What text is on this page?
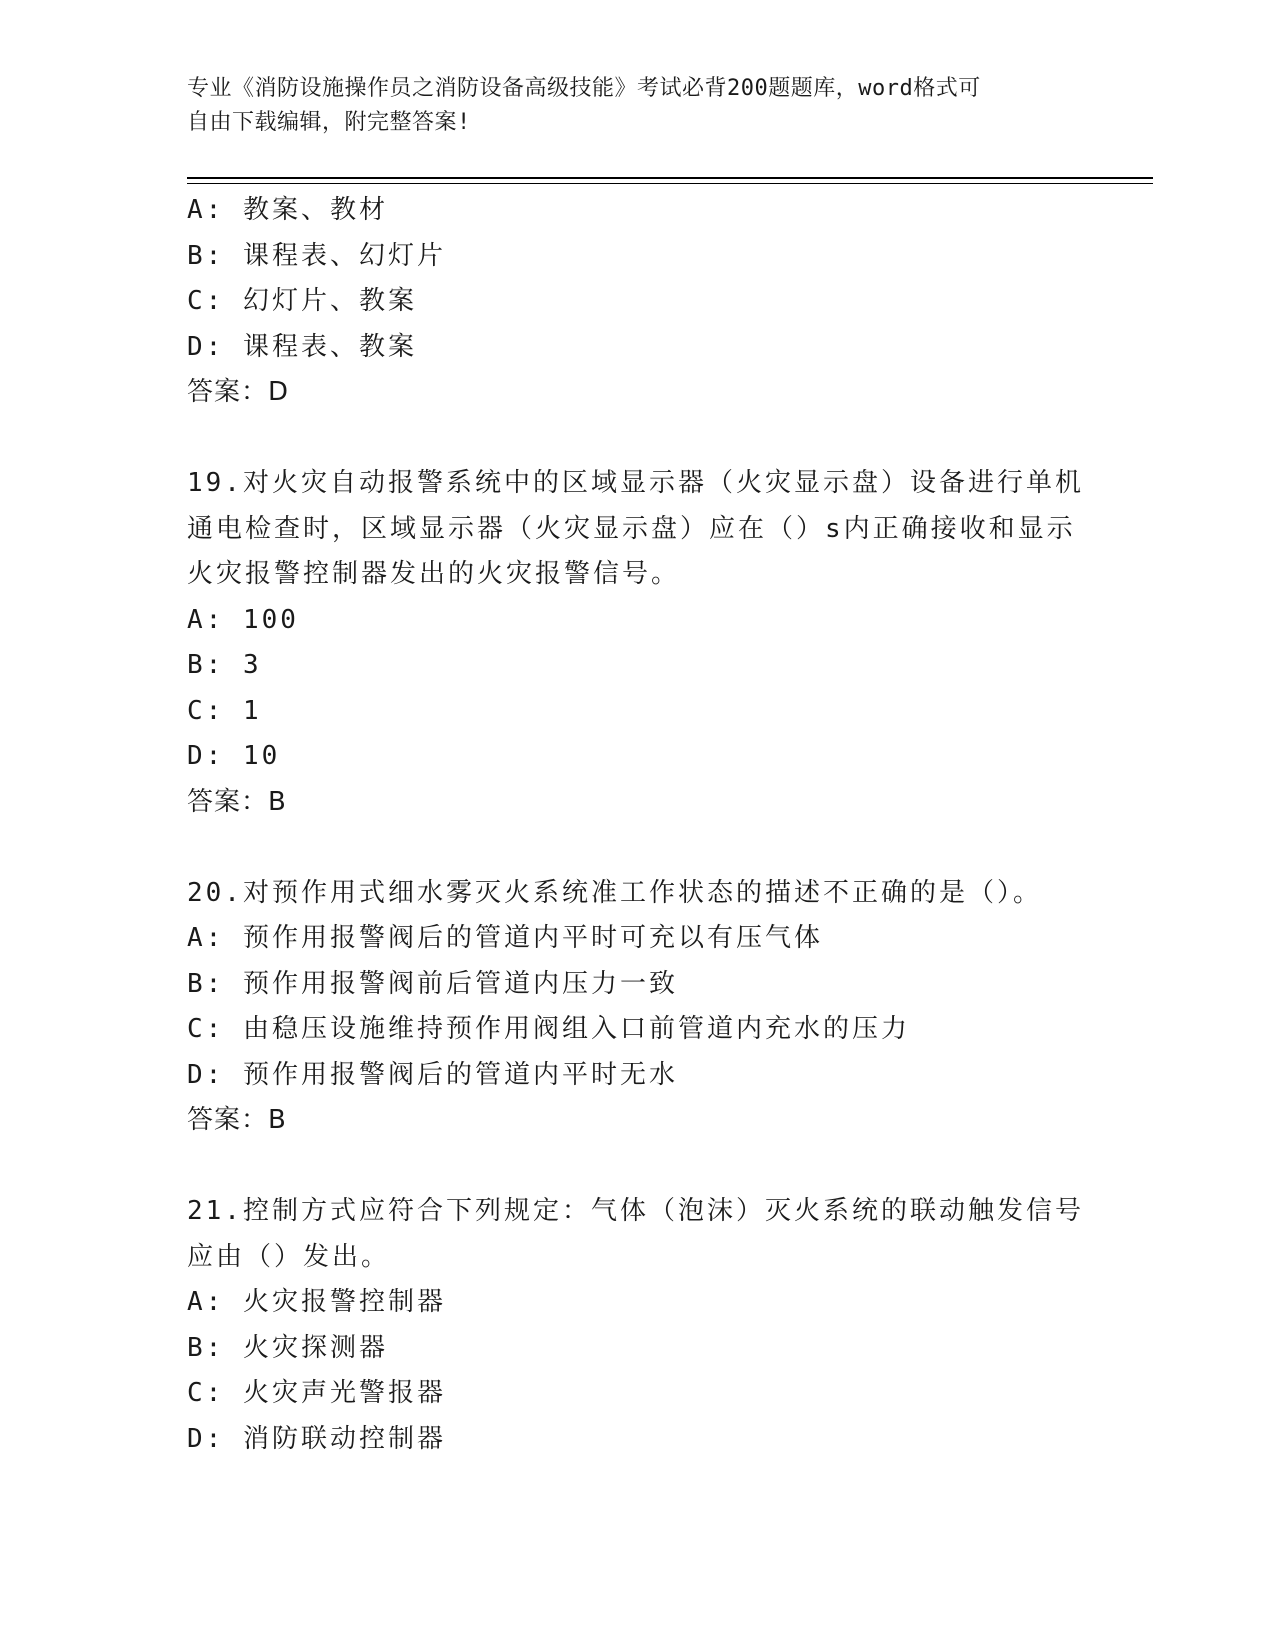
专业《消防设施操作员之消防设备高级技能》考试必背200题题库，word格式可
自由下载编辑，附完整答案!
A: 教案、教材
B: 课程表、幻灯片
C: 幻灯片、教案
D: 课程表、教案
答案：D
19.对火灾自动报警系统中的区域显示器（火灾显示盘）设备进行单机
通电检查时，区域显示器（火灾显示盘）应在（）s内正确接收和显示
火灾报警控制器发出的火灾报警信号。
A: 100
B: 3
C: 1
D: 10
答案：B
20.对预作用式细水雾灭火系统准工作状态的描述不正确的是（）。
A: 预作用报警阀后的管道内平时可充以有压气体
B: 预作用报警阀前后管道内压力一致
C: 由稳压设施维持预作用阀组入口前管道内充水的压力
D: 预作用报警阀后的管道内平时无水
答案：B
21.控制方式应符合下列规定：气体（泡沫）灭火系统的联动触发信号
应由（）发出。
A: 火灾报警控制器
B: 火灾探测器
C: 火灾声光警报器
D: 消防联动控制器
